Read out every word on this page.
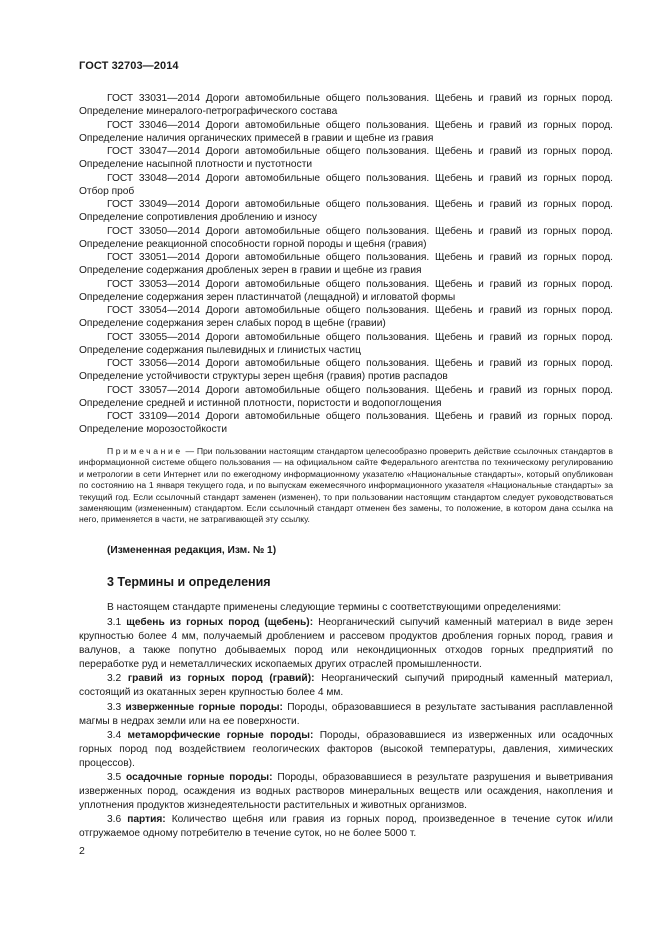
ГОСТ 32703—2014

ГОСТ 33031—2014 Дороги автомобильные общего пользования. Щебень и гравий из горных пород. Определение минералого-петрографического состава

ГОСТ 33046—2014 Дороги автомобильные общего пользования. Щебень и гравий из горных пород. Определение наличия органических примесей в гравии и щебне из гравия

ГОСТ 33047—2014 Дороги автомобильные общего пользования. Щебень и гравий из горных пород. Определение насыпной плотности и пустотности

ГОСТ 33048—2014 Дороги автомобильные общего пользования. Щебень и гравий из горных пород. Отбор проб

ГОСТ 33049—2014 Дороги автомобильные общего пользования. Щебень и гравий из горных пород. Определение сопротивления дроблению и износу

ГОСТ 33050—2014 Дороги автомобильные общего пользования. Щебень и гравий из горных пород. Определение реакционной способности горной породы и щебня (гравия)

ГОСТ 33051—2014 Дороги автомобильные общего пользования. Щебень и гравий из горных пород. Определение содержания дробленых зерен в гравии и щебне из гравия

ГОСТ 33053—2014 Дороги автомобильные общего пользования. Щебень и гравий из горных пород. Определение содержания зерен пластинчатой (лещадной) и игловатой формы

ГОСТ 33054—2014 Дороги автомобильные общего пользования. Щебень и гравий из горных пород. Определение содержания зерен слабых пород в щебне (гравии)

ГОСТ 33055—2014 Дороги автомобильные общего пользования. Щебень и гравий из горных пород. Определение содержания пылевидных и глинистых частиц

ГОСТ 33056—2014 Дороги автомобильные общего пользования. Щебень и гравий из горных пород. Определение устойчивости структуры зерен щебня (гравия) против распадов

ГОСТ 33057—2014 Дороги автомобильные общего пользования. Щебень и гравий из горных пород. Определение средней и истинной плотности, пористости и водопоглощения

ГОСТ 33109—2014 Дороги автомобильные общего пользования. Щебень и гравий из горных пород. Определение морозостойкости

Примечание — При пользовании настоящим стандартом целесообразно проверить действие ссылочных стандартов в информационной системе общего пользования — на официальном сайте Федерального агентства по техническому регулированию и метрологии в сети Интернет или по ежегодному информационному указателю «Национальные стандарты», который опубликован по состоянию на 1 января текущего года, и по выпускам ежемесячного информационного указателя «Национальные стандарты» за текущий год. Если ссылочный стандарт заменен (изменен), то при пользовании настоящим стандартом следует руководствоваться заменяющим (измененным) стандартом. Если ссылочный стандарт отменен без замены, то положение, в котором дана ссылка на него, применяется в части, не затрагивающей эту ссылку.

(Измененная редакция, Изм. № 1)
3 Термины и определения
В настоящем стандарте применены следующие термины с соответствующими определениями:

3.1 щебень из горных пород (щебень): Неорганический сыпучий каменный материал в виде зерен крупностью более 4 мм, получаемый дроблением и рассевом продуктов дробления горных пород, гравия и валунов, а также попутно добываемых пород или некондиционных отходов горных предприятий по переработке руд и неметаллических ископаемых других отраслей промышленности.

3.2 гравий из горных пород (гравий): Неорганический сыпучий природный каменный материал, состоящий из окатанных зерен крупностью более 4 мм.

3.3 изверженные горные породы: Породы, образовавшиеся в результате застывания расплавленной магмы в недрах земли или на ее поверхности.

3.4 метаморфические горные породы: Породы, образовавшиеся из изверженных или осадочных горных пород под воздействием геологических факторов (высокой температуры, давления, химических процессов).

3.5 осадочные горные породы: Породы, образовавшиеся в результате разрушения и выветривания изверженных пород, осаждения из водных растворов минеральных веществ или осаждения, накопления и уплотнения продуктов жизнедеятельности растительных и животных организмов.

3.6 партия: Количество щебня или гравия из горных пород, произведенное в течение суток и/или отгружаемое одному потребителю в течение суток, но не более 5000 т.

2
